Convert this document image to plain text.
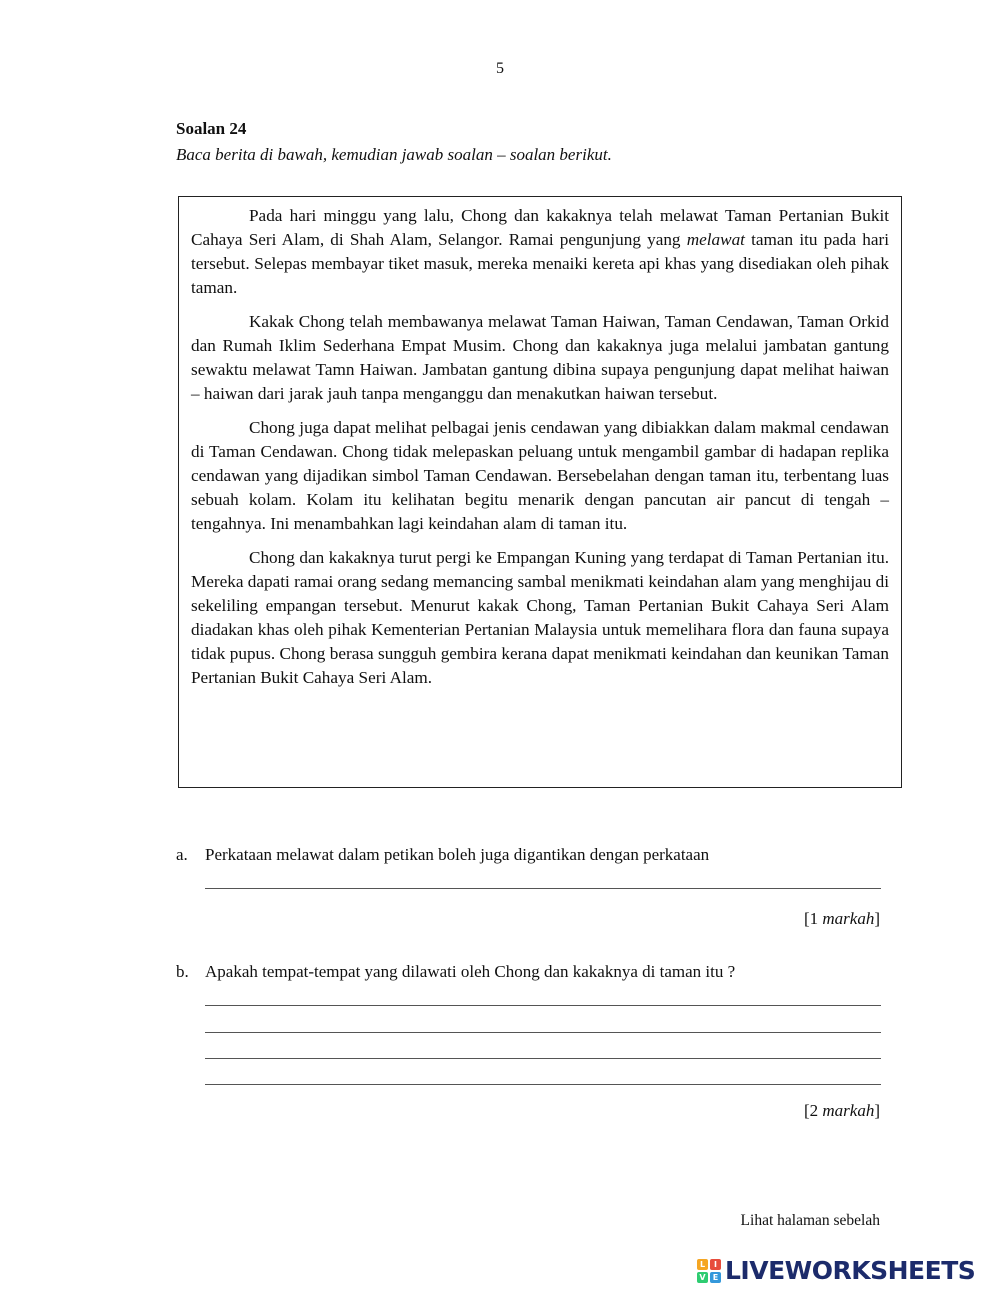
5
Soalan 24
Baca berita di bawah, kemudian jawab soalan – soalan berikut.

Pada hari minggu yang lalu, Chong dan kakaknya telah melawat Taman Pertanian Bukit Cahaya Seri Alam, di Shah Alam, Selangor. Ramai pengunjung yang melawat taman itu pada hari tersebut. Selepas membayar tiket masuk, mereka menaiki kereta api khas yang disediakan oleh pihak taman.

Kakak Chong telah membawanya melawat Taman Haiwan, Taman Cendawan, Taman Orkid dan Rumah Iklim Sederhana Empat Musim. Chong dan kakaknya juga melalui jambatan gantung sewaktu melawat Tamn Haiwan. Jambatan gantung dibina supaya pengunjung dapat melihat haiwan – haiwan dari jarak jauh tanpa menganggu dan menakutkan haiwan tersebut.

Chong juga dapat melihat pelbagai jenis cendawan yang dibiakkan dalam makmal cendawan di Taman Cendawan. Chong tidak melepaskan peluang untuk mengambil gambar di hadapan replika cendawan yang dijadikan simbol Taman Cendawan. Bersebelahan dengan taman itu, terbentang luas sebuah kolam. Kolam itu kelihatan begitu menarik dengan pancutan air pancut di tengah – tengahnya. Ini menambahkan lagi keindahan alam di taman itu.

Chong dan kakaknya turut pergi ke Empangan Kuning yang terdapat di Taman Pertanian itu. Mereka dapati ramai orang sedang memancing sambal menikmati keindahan alam yang menghijau di sekeliling empangan tersebut. Menurut kakak Chong, Taman Pertanian Bukit Cahaya Seri Alam diadakan khas oleh pihak Kementerian Pertanian Malaysia untuk memelihara flora dan fauna supaya tidak pupus. Chong berasa sungguh gembira kerana dapat menikmati keindahan dan keunikan Taman Pertanian Bukit Cahaya Seri Alam.

a. Perkataan melawat dalam petikan boleh juga digantikan dengan perkataan
[1 markah]
b. Apakah tempat-tempat yang dilawati oleh Chong dan kakaknya di taman itu ?
[2 markah]
Lihat halaman sebelah
L	I
V E LIVEWORKSHEETS
